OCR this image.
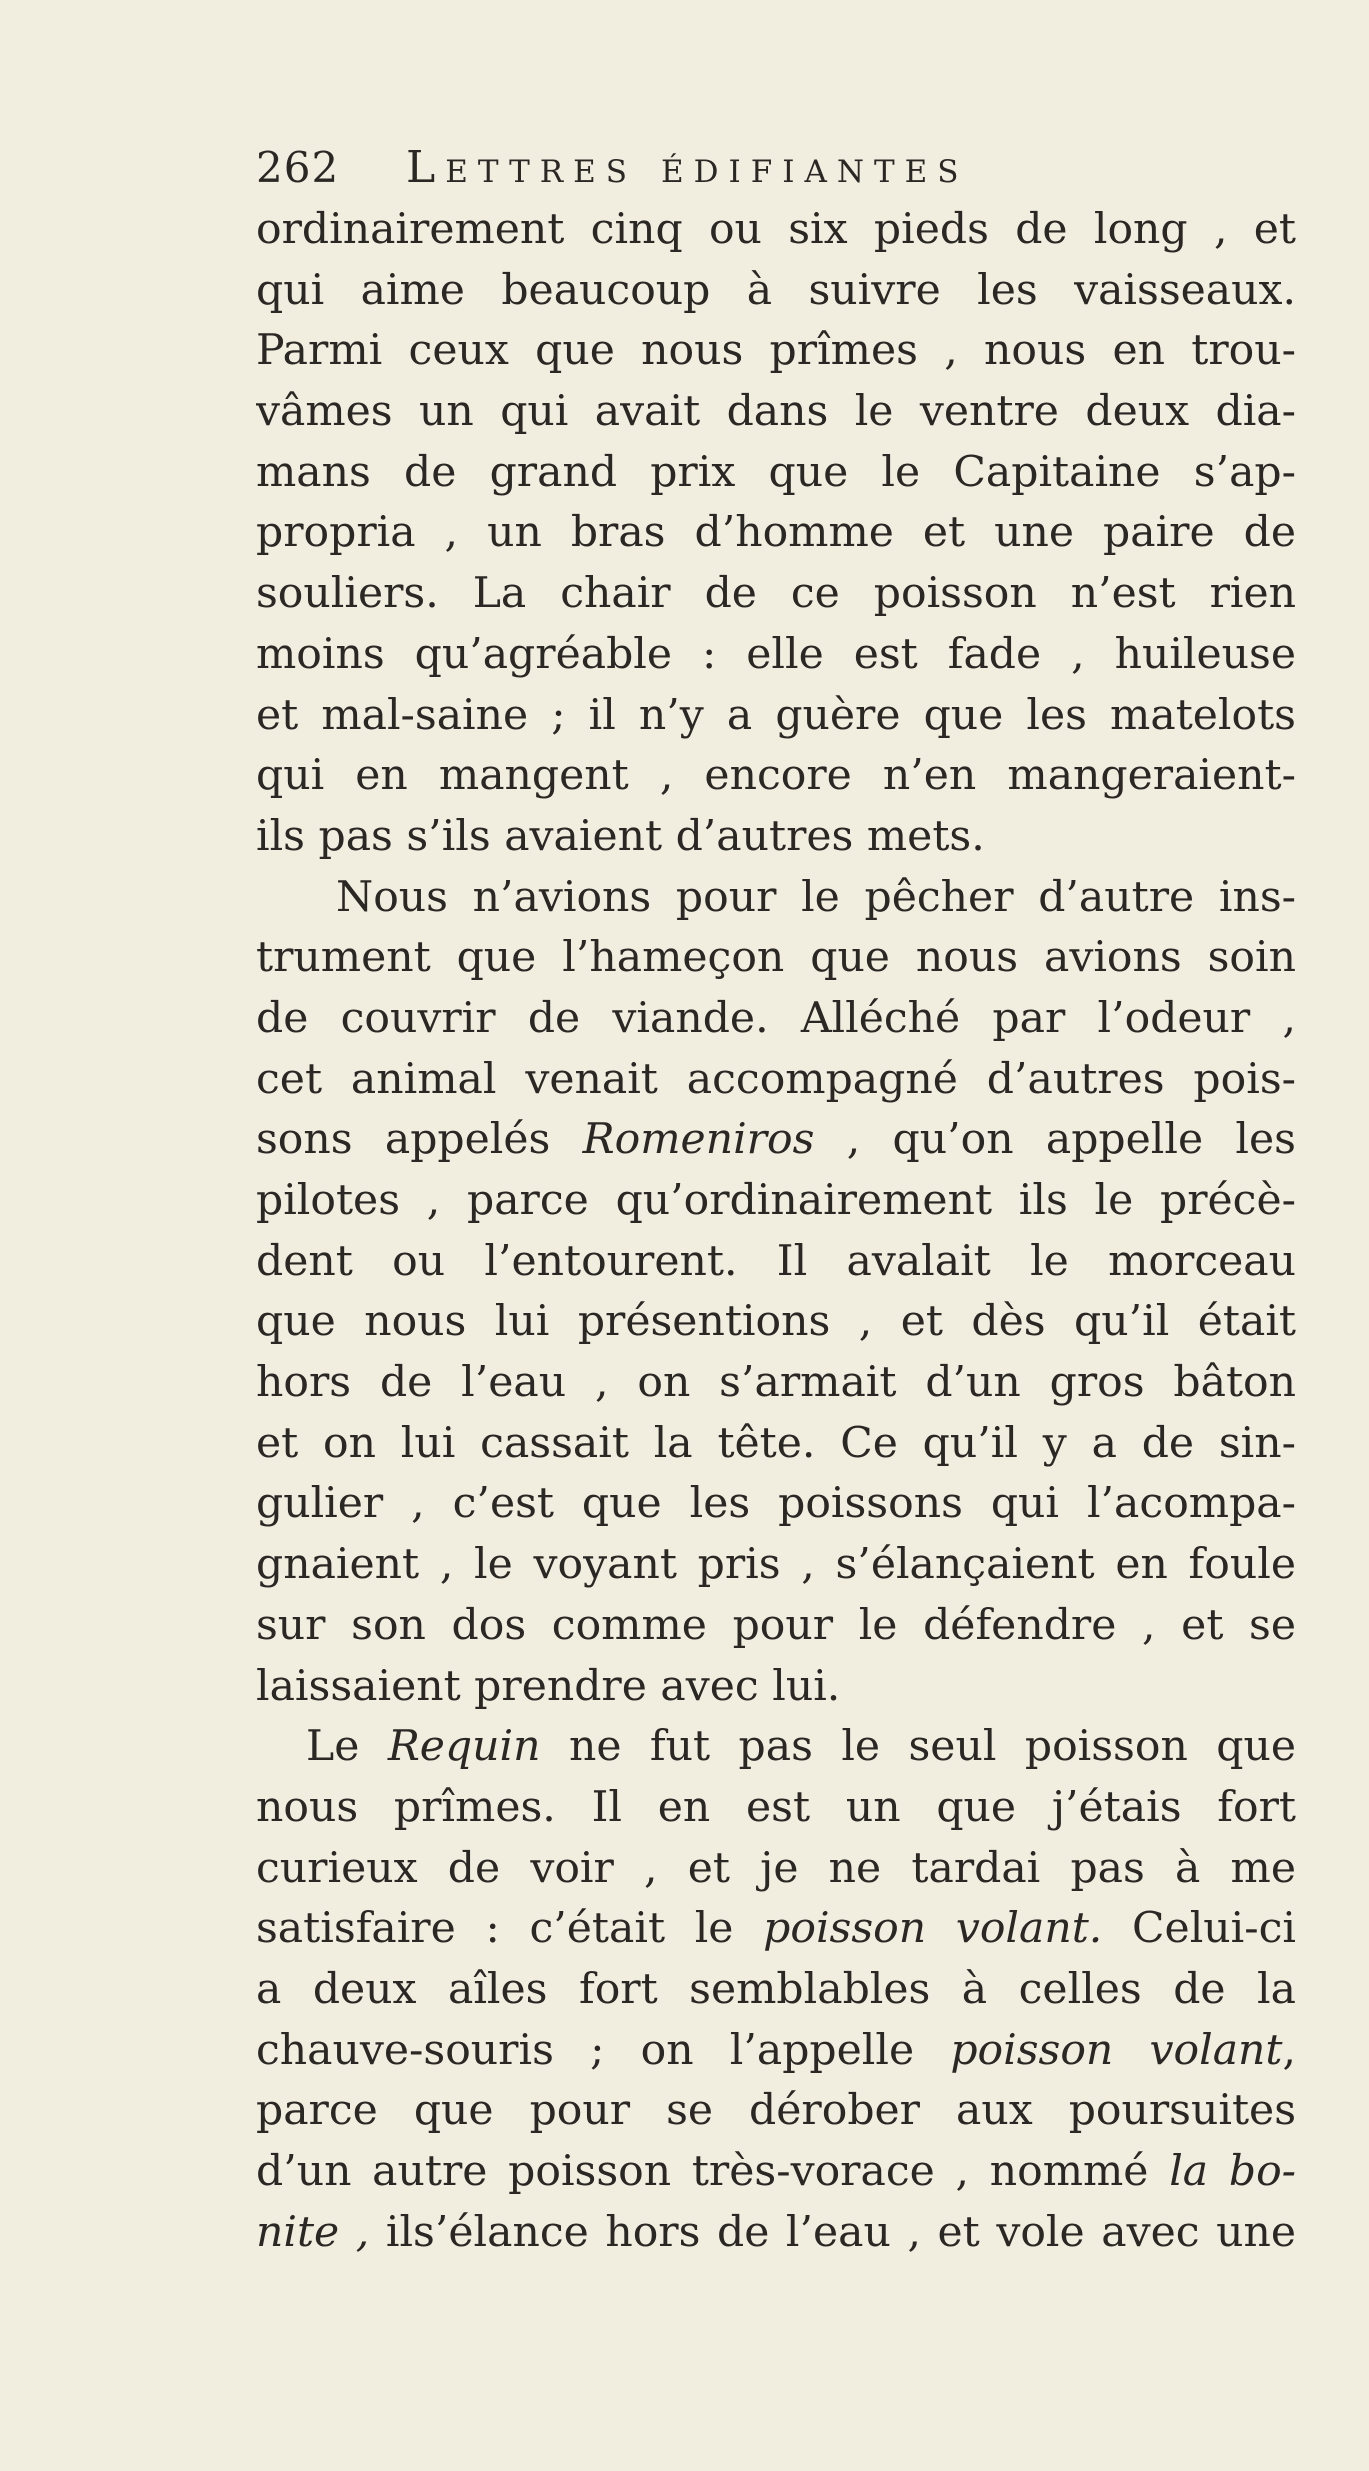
262 Lettres édifiantes
ordinairement cinq ou six pieds de long , et
qui aime beaucoup à suivre les vaisseaux.
Parmi ceux que nous prîmes , nous en trou-
vâmes un qui avait dans le ventre deux dia-
mans de grand prix que le Capitaine s’ap-
propria , un bras d’homme et une paire de
souliers. La chair de ce poisson n’est rien
moins qu’agréable : elle est fade , huileuse
et mal-saine ; il n’y a guère que les matelots
qui en mangent , encore n’en mangeraient-
ils pas s’ils avaient d’autres mets.
Nous n’avions pour le pêcher d’autre ins-
trument que l’hameçon que nous avions soin
de couvrir de viande. Alléché par l’odeur ,
cet animal venait accompagné d’autres pois-
sons appelés Romeniros , qu’on appelle les
pilotes , parce qu’ordinairement ils le précè-
dent ou l’entourent. Il avalait le morceau
que nous lui présentions , et dès qu’il était
hors de l’eau , on s’armait d’un gros bâton
et on lui cassait la tête. Ce qu’il y a de sin-
gulier , c’est que les poissons qui l’acompa-
gnaient , le voyant pris , s’élançaient en foule
sur son dos comme pour le défendre , et se
laissaient prendre avec lui.
Le Requin ne fut pas le seul poisson que
nous prîmes. Il en est un que j’étais fort
curieux de voir , et je ne tardai pas à me
satisfaire : c’était le poisson volant. Celui-ci
a deux aîles fort semblables à celles de la
chauve-souris ; on l’appelle poisson volant,
parce que pour se dérober aux poursuites
d’un autre poisson très-vorace , nommé la bo-
nite , ils’élance hors de l’eau , et vole avec une
